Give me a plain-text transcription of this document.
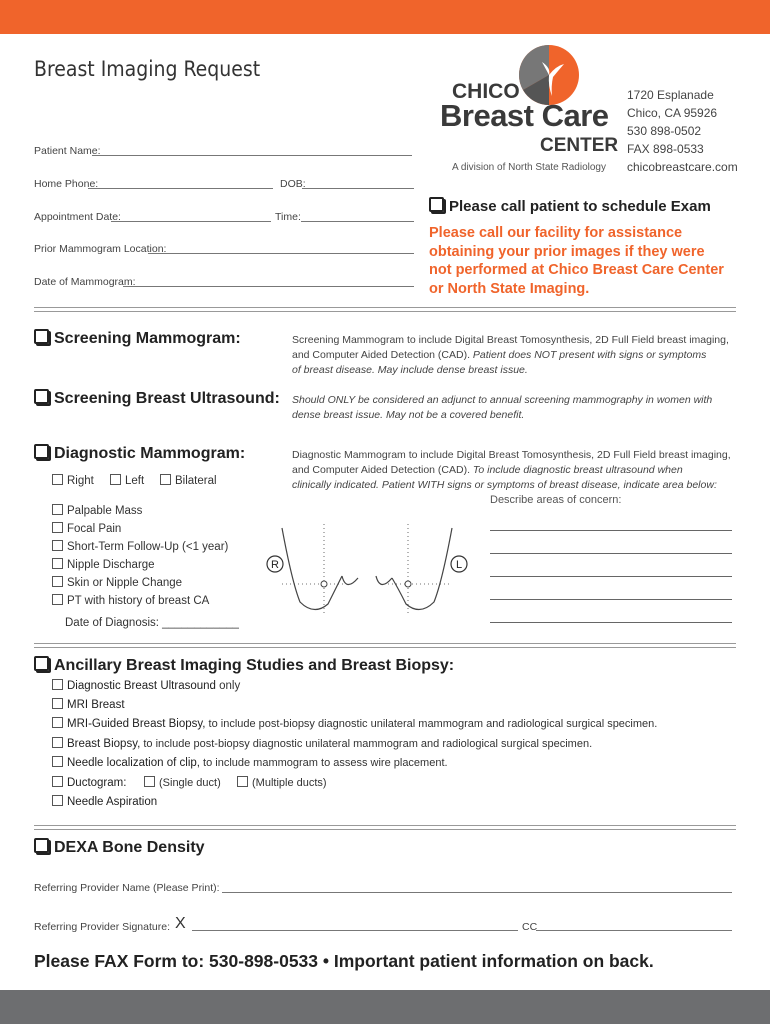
Breast Imaging Request
CHICO
Breast Care
CENTER
A division of North State Radiology
1720 Esplanade
Chico, CA 95926
530 898-0502
FAX 898-0533
chicobreastcare.com
Patient Name:
Home Phone:	DOB:
Appointment Date:	Time:
Prior Mammogram Location:
Date of Mammogram:
Please call patient to schedule Exam
Please call our facility for assistance
obtaining your prior images if they were
not performed at Chico Breast Care Center
or North State Imaging.
Screening Mammogram:	Screening Mammogram to include Digital Breast Tomosynthesis, 2D Full Field breast imaging,
and Computer Aided Detection (CAD). Patient does NOT present with signs or symptoms
of breast disease. May include dense breast issue.
Screening Breast Ultrasound: Should ONLY be considered an adjunct to annual screening mammography in women with
dense breast issue. May not be a covered benefit.
Diagnostic Mammogram:	Diagnostic Mammogram to include Digital Breast Tomosynthesis, 2D Full Field breast imaging,
and Computer Aided Detection (CAD). To include diagnostic breast ultrasound when
clinically indicated. Patient WITH signs or symptoms of breast disease, indicate area below:
Right	Left	Bilateral
Palpable Mass
Focal Pain
Short-Term Follow-Up (<1 year)
Nipple Discharge
Skin or Nipple Change
PT with history of breast CA
Date of Diagnosis: ____________
R	L
Describe areas of concern:
Ancillary Breast Imaging Studies and Breast Biopsy:
Diagnostic Breast Ultrasound only
MRI Breast
MRI-Guided Breast Biopsy, to include post-biopsy diagnostic unilateral mammogram and radiological surgical specimen.
Breast Biopsy, to include post-biopsy diagnostic unilateral mammogram and radiological surgical specimen.
Needle localization of clip, to include mammogram to assess wire placement.
Ductogram:	(Single duct)	(Multiple ducts)
Needle Aspiration
DEXA Bone Density
Referring Provider Name (Please Print):
Referring Provider Signature: X	CC
Please FAX Form to: 530-898-0533 • Important patient information on back.
